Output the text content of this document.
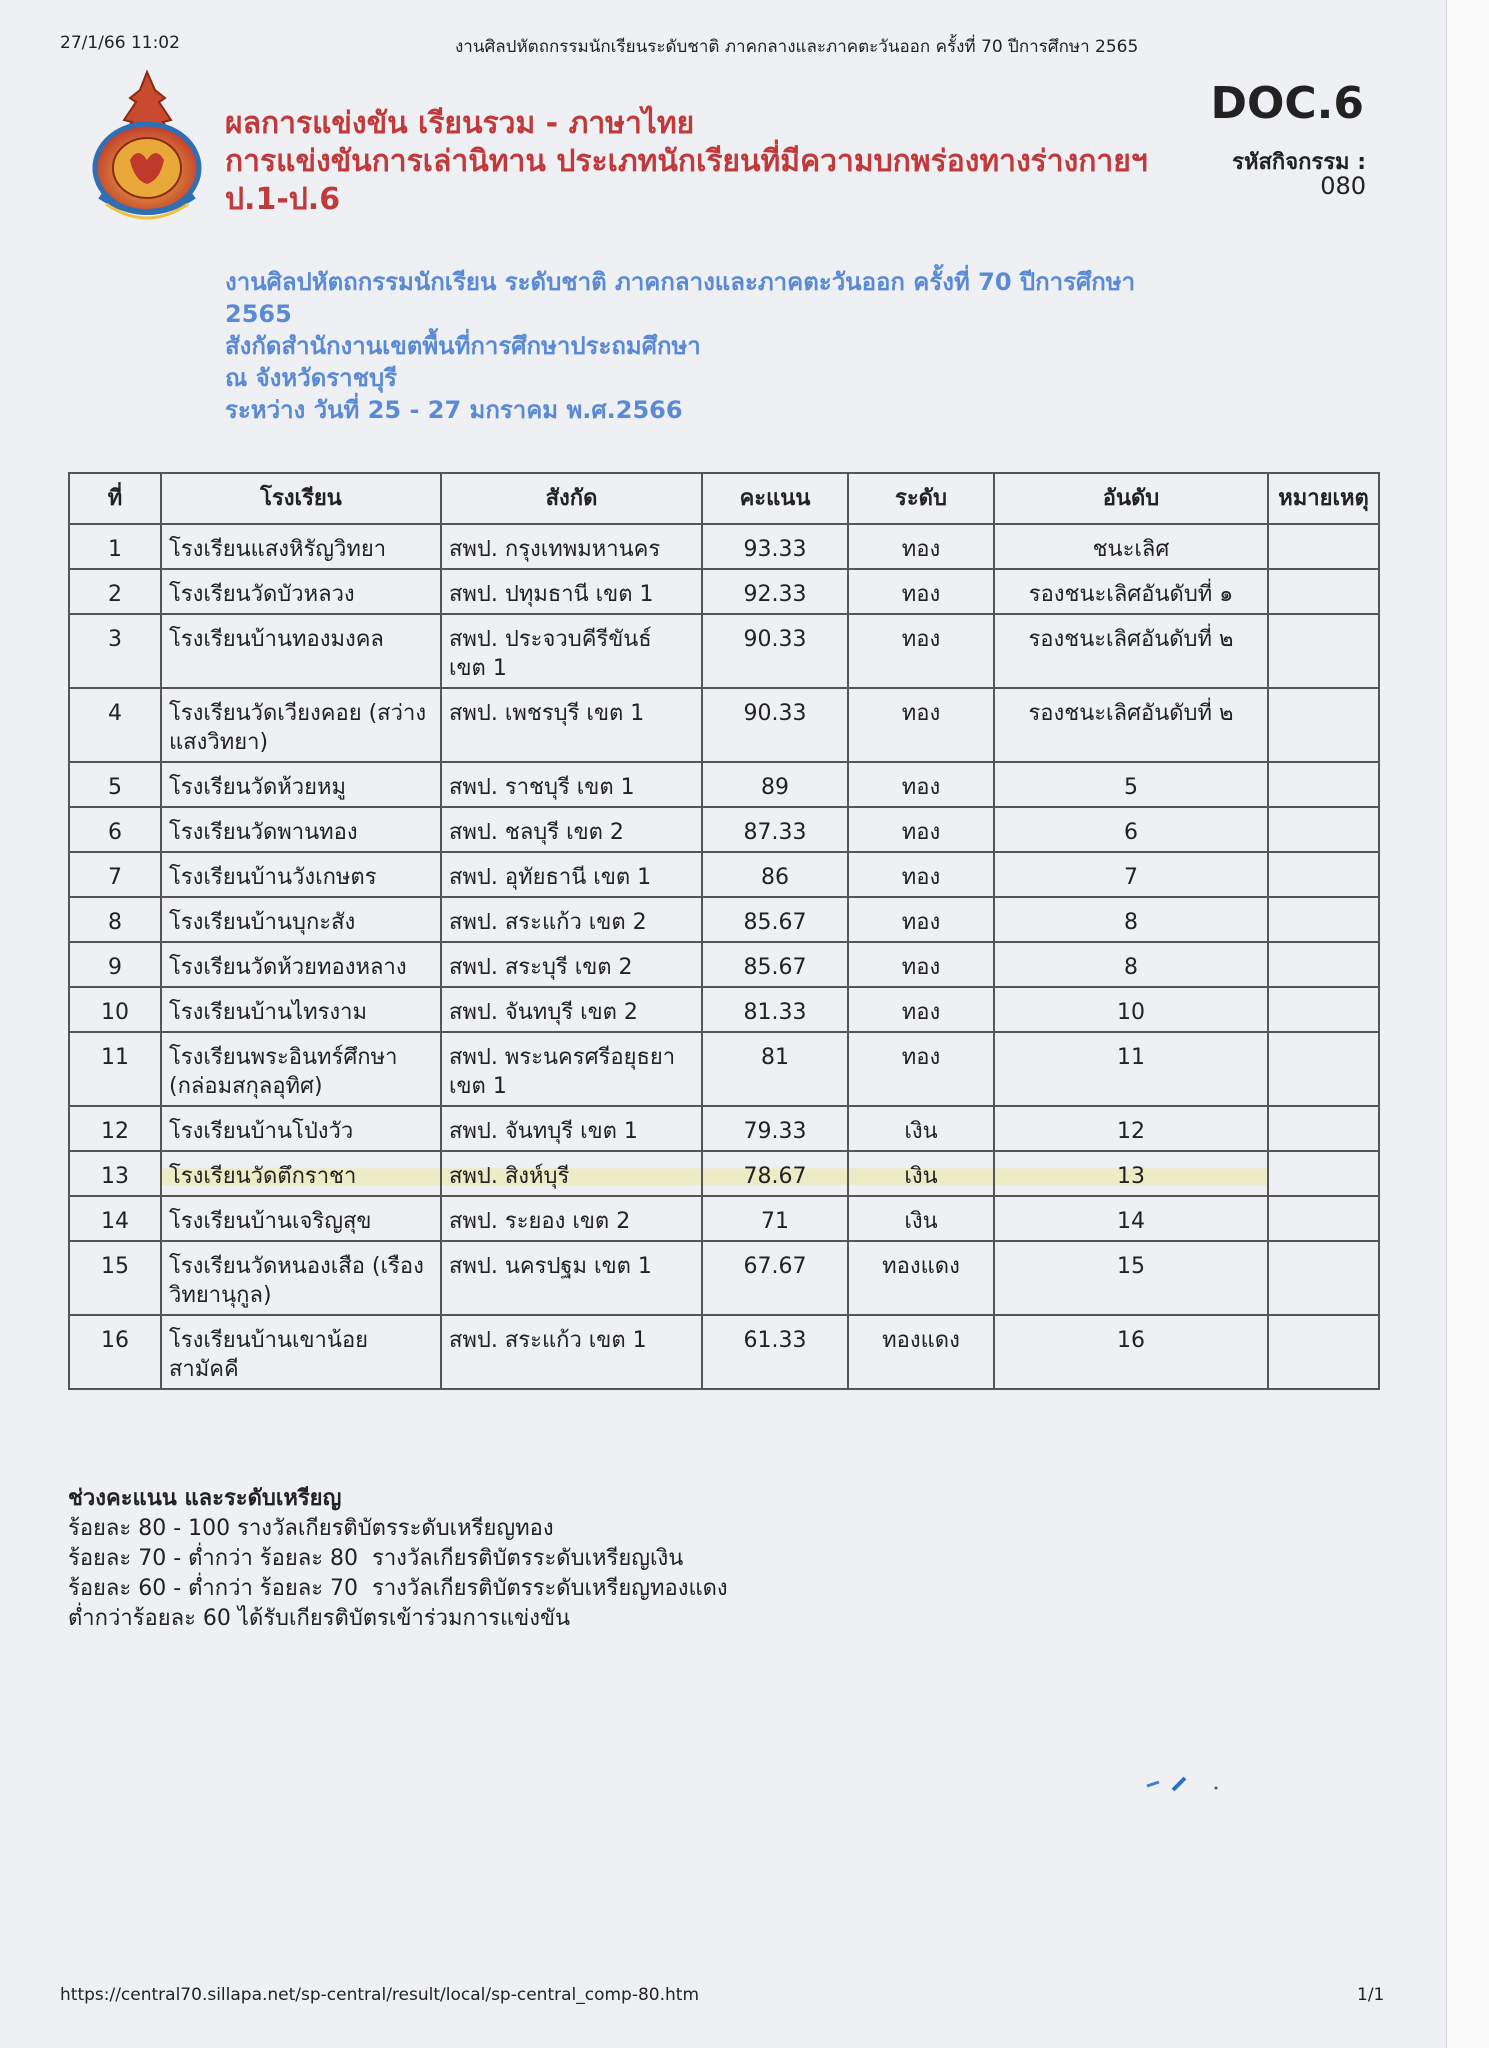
27/1/66 11:02	งานศิลปหัตถกรรมนักเรียนระดับชาติ ภาคกลางและภาคตะวันออก ครั้งที่ 70 ปีการศึกษา 2565
ผลการแข่งขัน เรียนรวม - ภาษาไทย
การแข่งขันการเล่านิทาน ประเภทนักเรียนที่มีความบกพร่องทางร่างกายฯ ป.1-ป.6
DOC.6
รหัสกิจกรรม :
080
งานศิลปหัตถกรรมนักเรียน ระดับชาติ ภาคกลางและภาคตะวันออก ครั้งที่ 70 ปีการศึกษา 2565
สังกัดสำนักงานเขตพื้นที่การศึกษาประถมศึกษา
ณ จังหวัดราชบุรี
ระหว่าง วันที่ 25 - 27 มกราคม พ.ศ.2566
ที่	โรงเรียน	สังกัด	คะแนน	ระดับ	อันดับ	หมายเหตุ
1	โรงเรียนแสงหิรัญวิทยา	สพป. กรุงเทพมหานคร	93.33	ทอง	ชนะเลิศ	
2	โรงเรียนวัดบัวหลวง	สพป. ปทุมธานี เขต 1	92.33	ทอง	รองชนะเลิศอันดับที่ ๑	
3	โรงเรียนบ้านทองมงคล	สพป. ประจวบคีรีขันธ์ เขต 1	90.33	ทอง	รองชนะเลิศอันดับที่ ๒	
4	โรงเรียนวัดเวียงคอย (สว่างแสงวิทยา)	สพป. เพชรบุรี เขต 1	90.33	ทอง	รองชนะเลิศอันดับที่ ๒	
5	โรงเรียนวัดห้วยหมู	สพป. ราชบุรี เขต 1	89	ทอง	5	
6	โรงเรียนวัดพานทอง	สพป. ชลบุรี เขต 2	87.33	ทอง	6	
7	โรงเรียนบ้านวังเกษตร	สพป. อุทัยธานี เขต 1	86	ทอง	7	
8	โรงเรียนบ้านบุกะสัง	สพป. สระแก้ว เขต 2	85.67	ทอง	8	
9	โรงเรียนวัดห้วยทองหลาง	สพป. สระบุรี เขต 2	85.67	ทอง	8	
10	โรงเรียนบ้านไทรงาม	สพป. จันทบุรี เขต 2	81.33	ทอง	10	
11	โรงเรียนพระอินทร์ศึกษา (กล่อมสกุลอุทิศ)	สพป. พระนครศรีอยุธยา เขต 1	81	ทอง	11	
12	โรงเรียนบ้านโป่งวัว	สพป. จันทบุรี เขต 1	79.33	เงิน	12	
13	โรงเรียนวัดตึกราชา	สพป. สิงห์บุรี	78.67	เงิน	13	
14	โรงเรียนบ้านเจริญสุข	สพป. ระยอง เขต 2	71	เงิน	14	
15	โรงเรียนวัดหนองเสือ (เรืองวิทยานุกูล)	สพป. นครปฐม เขต 1	67.67	ทองแดง	15	
16	โรงเรียนบ้านเขาน้อยสามัคคี	สพป. สระแก้ว เขต 1	61.33	ทองแดง	16	
ช่วงคะแนน และระดับเหรียญ
ร้อยละ 80 - 100 รางวัลเกียรติบัตรระดับเหรียญทอง
ร้อยละ 70 - ต่ำกว่า ร้อยละ 80 รางวัลเกียรติบัตรระดับเหรียญเงิน
ร้อยละ 60 - ต่ำกว่า ร้อยละ 70 รางวัลเกียรติบัตรระดับเหรียญทองแดง
ต่ำกว่าร้อยละ 60 ได้รับเกียรติบัตรเข้าร่วมการแข่งขัน
https://central70.sillapa.net/sp-central/result/local/sp-central_comp-80.htm	1/1
